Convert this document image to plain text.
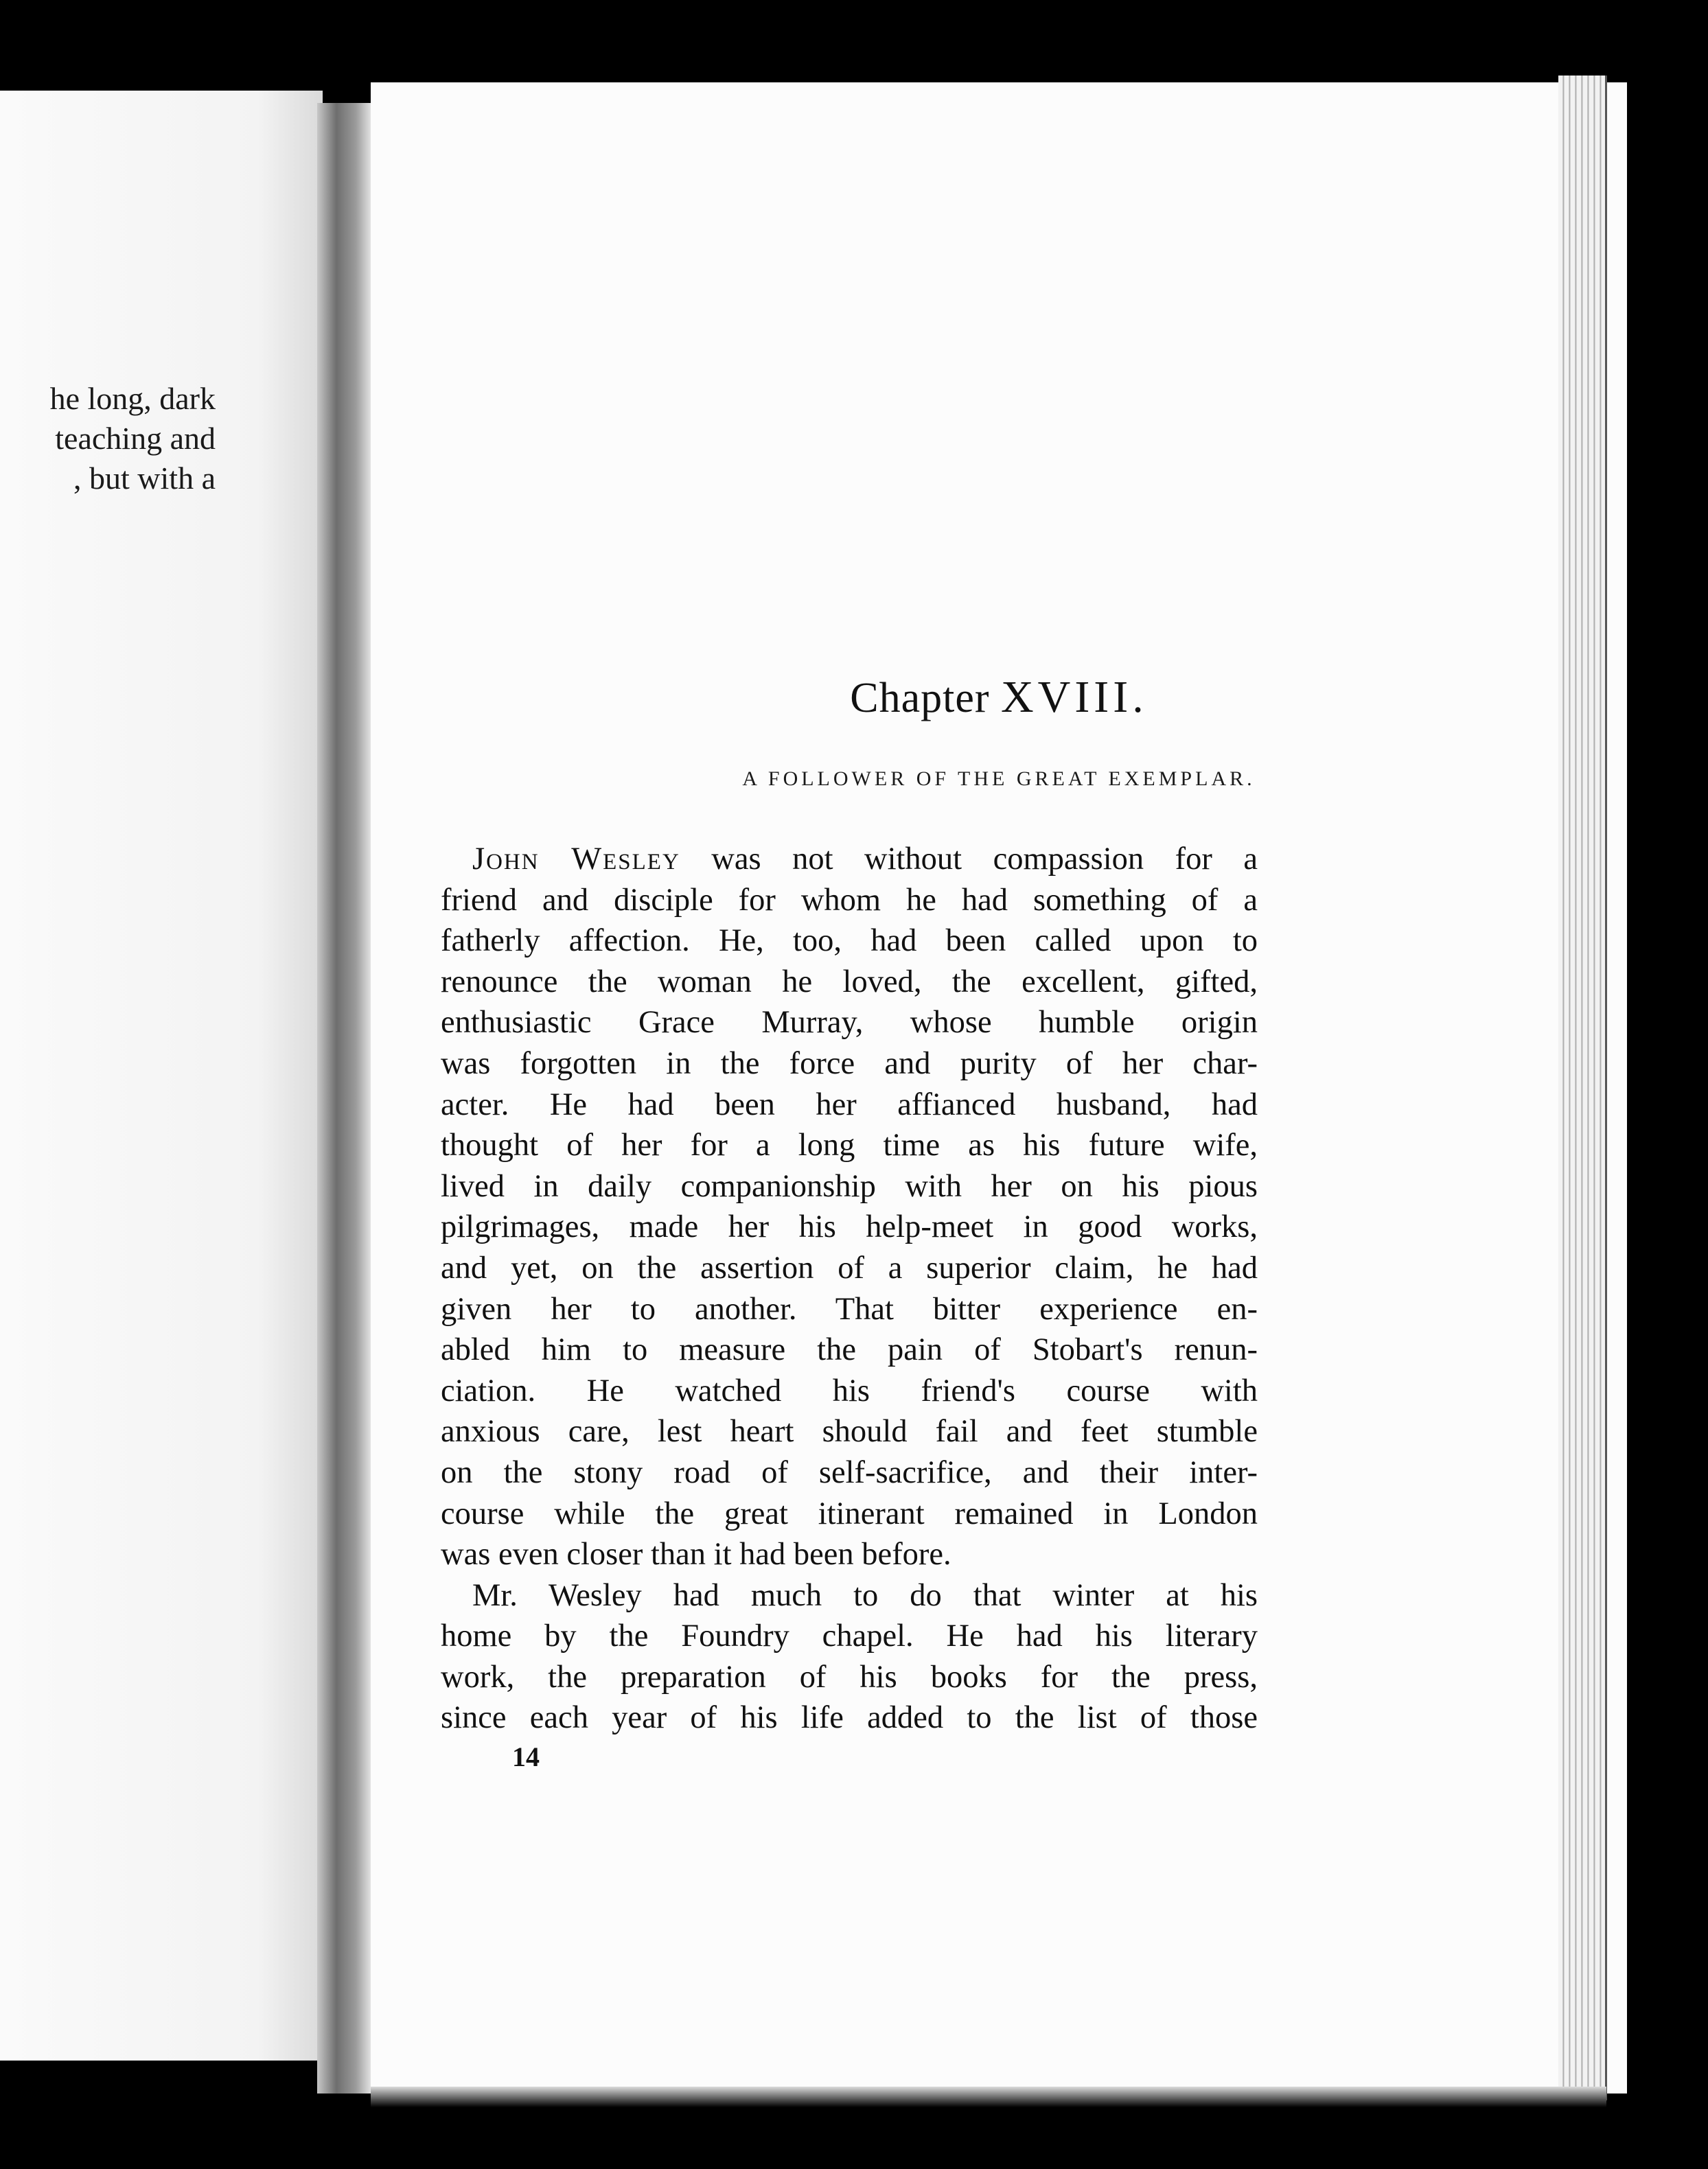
he long, dark
teaching and
, but with a
Chapter XVIII.
A FOLLOWER OF THE GREAT EXEMPLAR.
John Wesley was not without compassion for a
friend and disciple for whom he had something of a
fatherly affection. He, too, had been called upon to
renounce the woman he loved, the excellent, gifted,
enthusiastic Grace Murray, whose humble origin
was forgotten in the force and purity of her char-
acter. He had been her affianced husband, had
thought of her for a long time as his future wife,
lived in daily companionship with her on his pious
pilgrimages, made her his help-meet in good works,
and yet, on the assertion of a superior claim, he had
given her to another. That bitter experience en-
abled him to measure the pain of Stobart's renun-
ciation. He watched his friend's course with
anxious care, lest heart should fail and feet stumble
on the stony road of self-sacrifice, and their inter-
course while the great itinerant remained in London
was even closer than it had been before.
Mr. Wesley had much to do that winter at his
home by the Foundry chapel. He had his literary
work, the preparation of his books for the press,
since each year of his life added to the list of those
14
